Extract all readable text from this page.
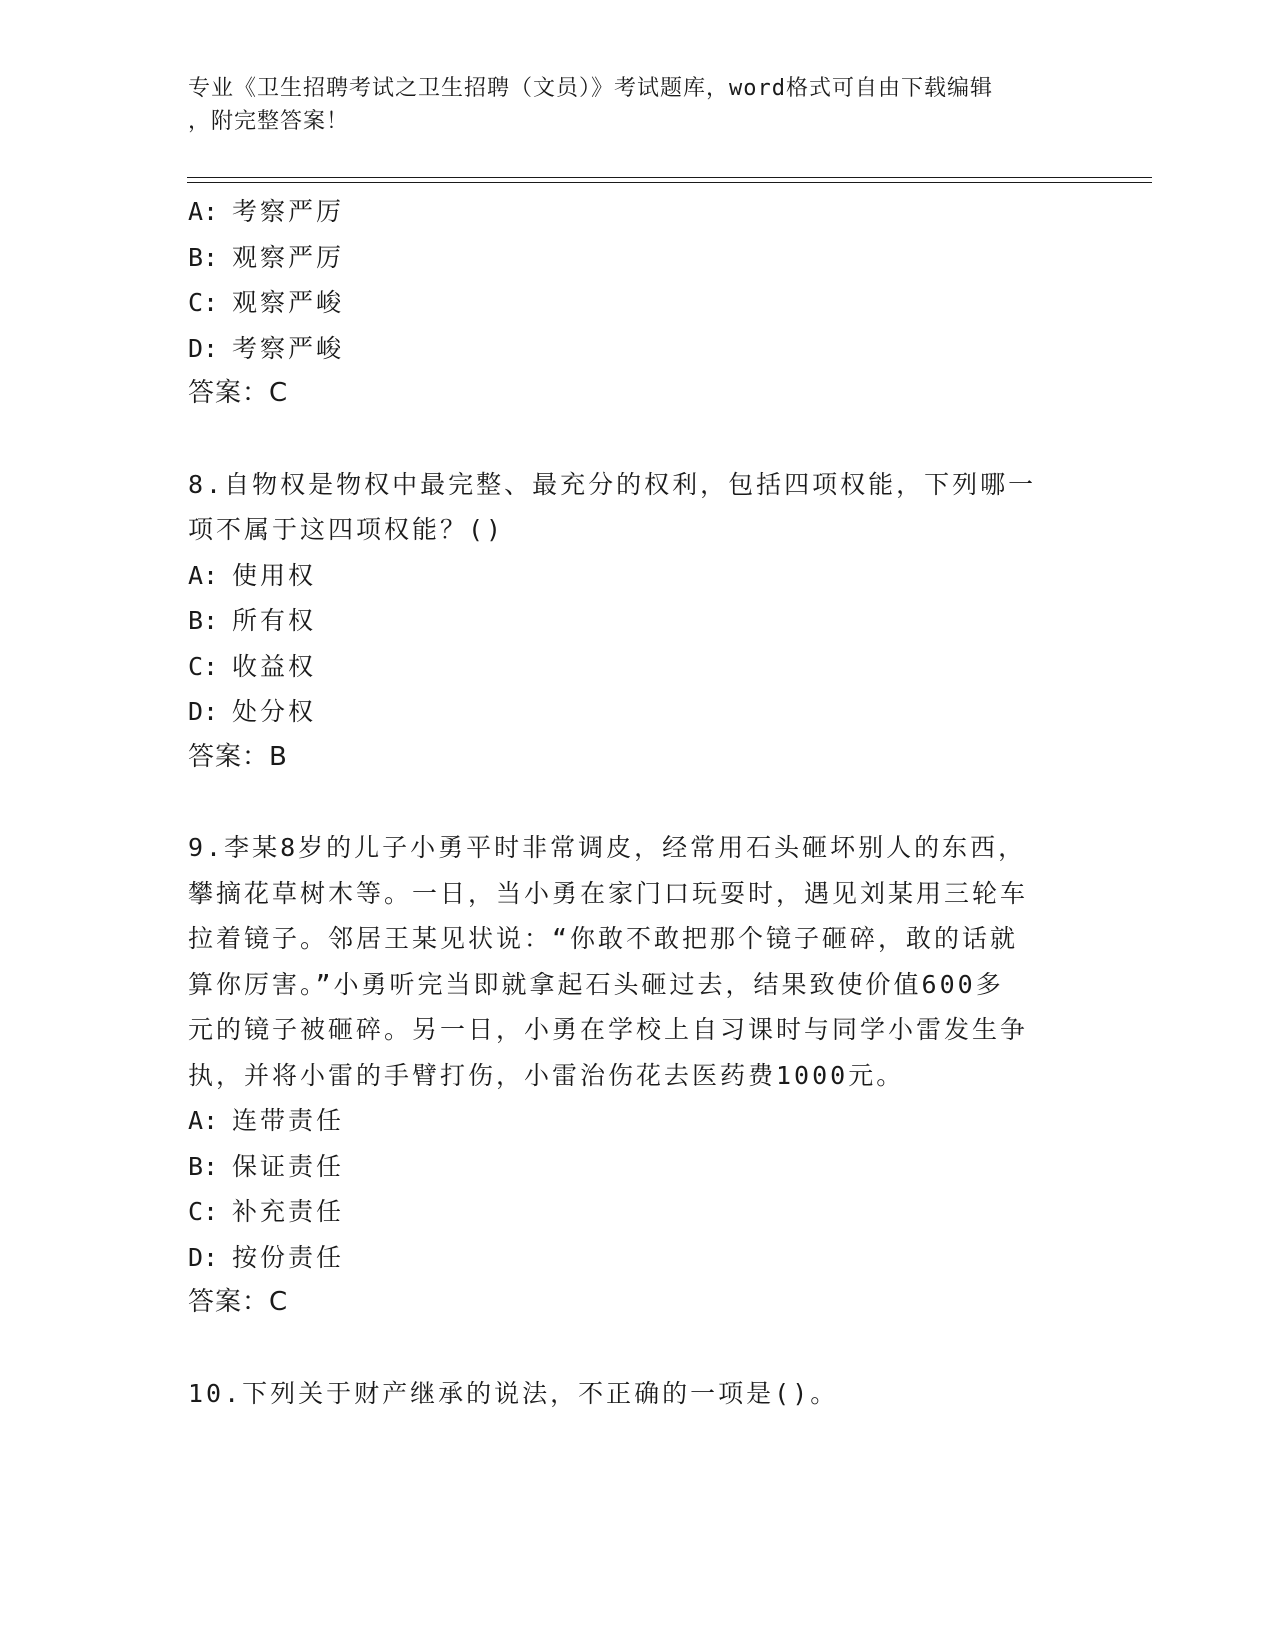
专业《卫生招聘考试之卫生招聘（文员）》考试题库，word格式可自由下载编辑
，附完整答案！
A: 考察严厉
B: 观察严厉
C: 观察严峻
D: 考察严峻
答案：C
8.自物权是物权中最完整、最充分的权利，包括四项权能，下列哪一
项不属于这四项权能？()
A: 使用权
B: 所有权
C: 收益权
D: 处分权
答案：B
9.李某8岁的儿子小勇平时非常调皮，经常用石头砸坏别人的东西，
攀摘花草树木等。一日，当小勇在家门口玩耍时，遇见刘某用三轮车
拉着镜子。邻居王某见状说：“你敢不敢把那个镜子砸碎，敢的话就
算你厉害。”小勇听完当即就拿起石头砸过去，结果致使价值600多
元的镜子被砸碎。另一日，小勇在学校上自习课时与同学小雷发生争
执，并将小雷的手臂打伤，小雷治伤花去医药费1000元。
A: 连带责任
B: 保证责任
C: 补充责任
D: 按份责任
答案：C
10.下列关于财产继承的说法，不正确的一项是()。
